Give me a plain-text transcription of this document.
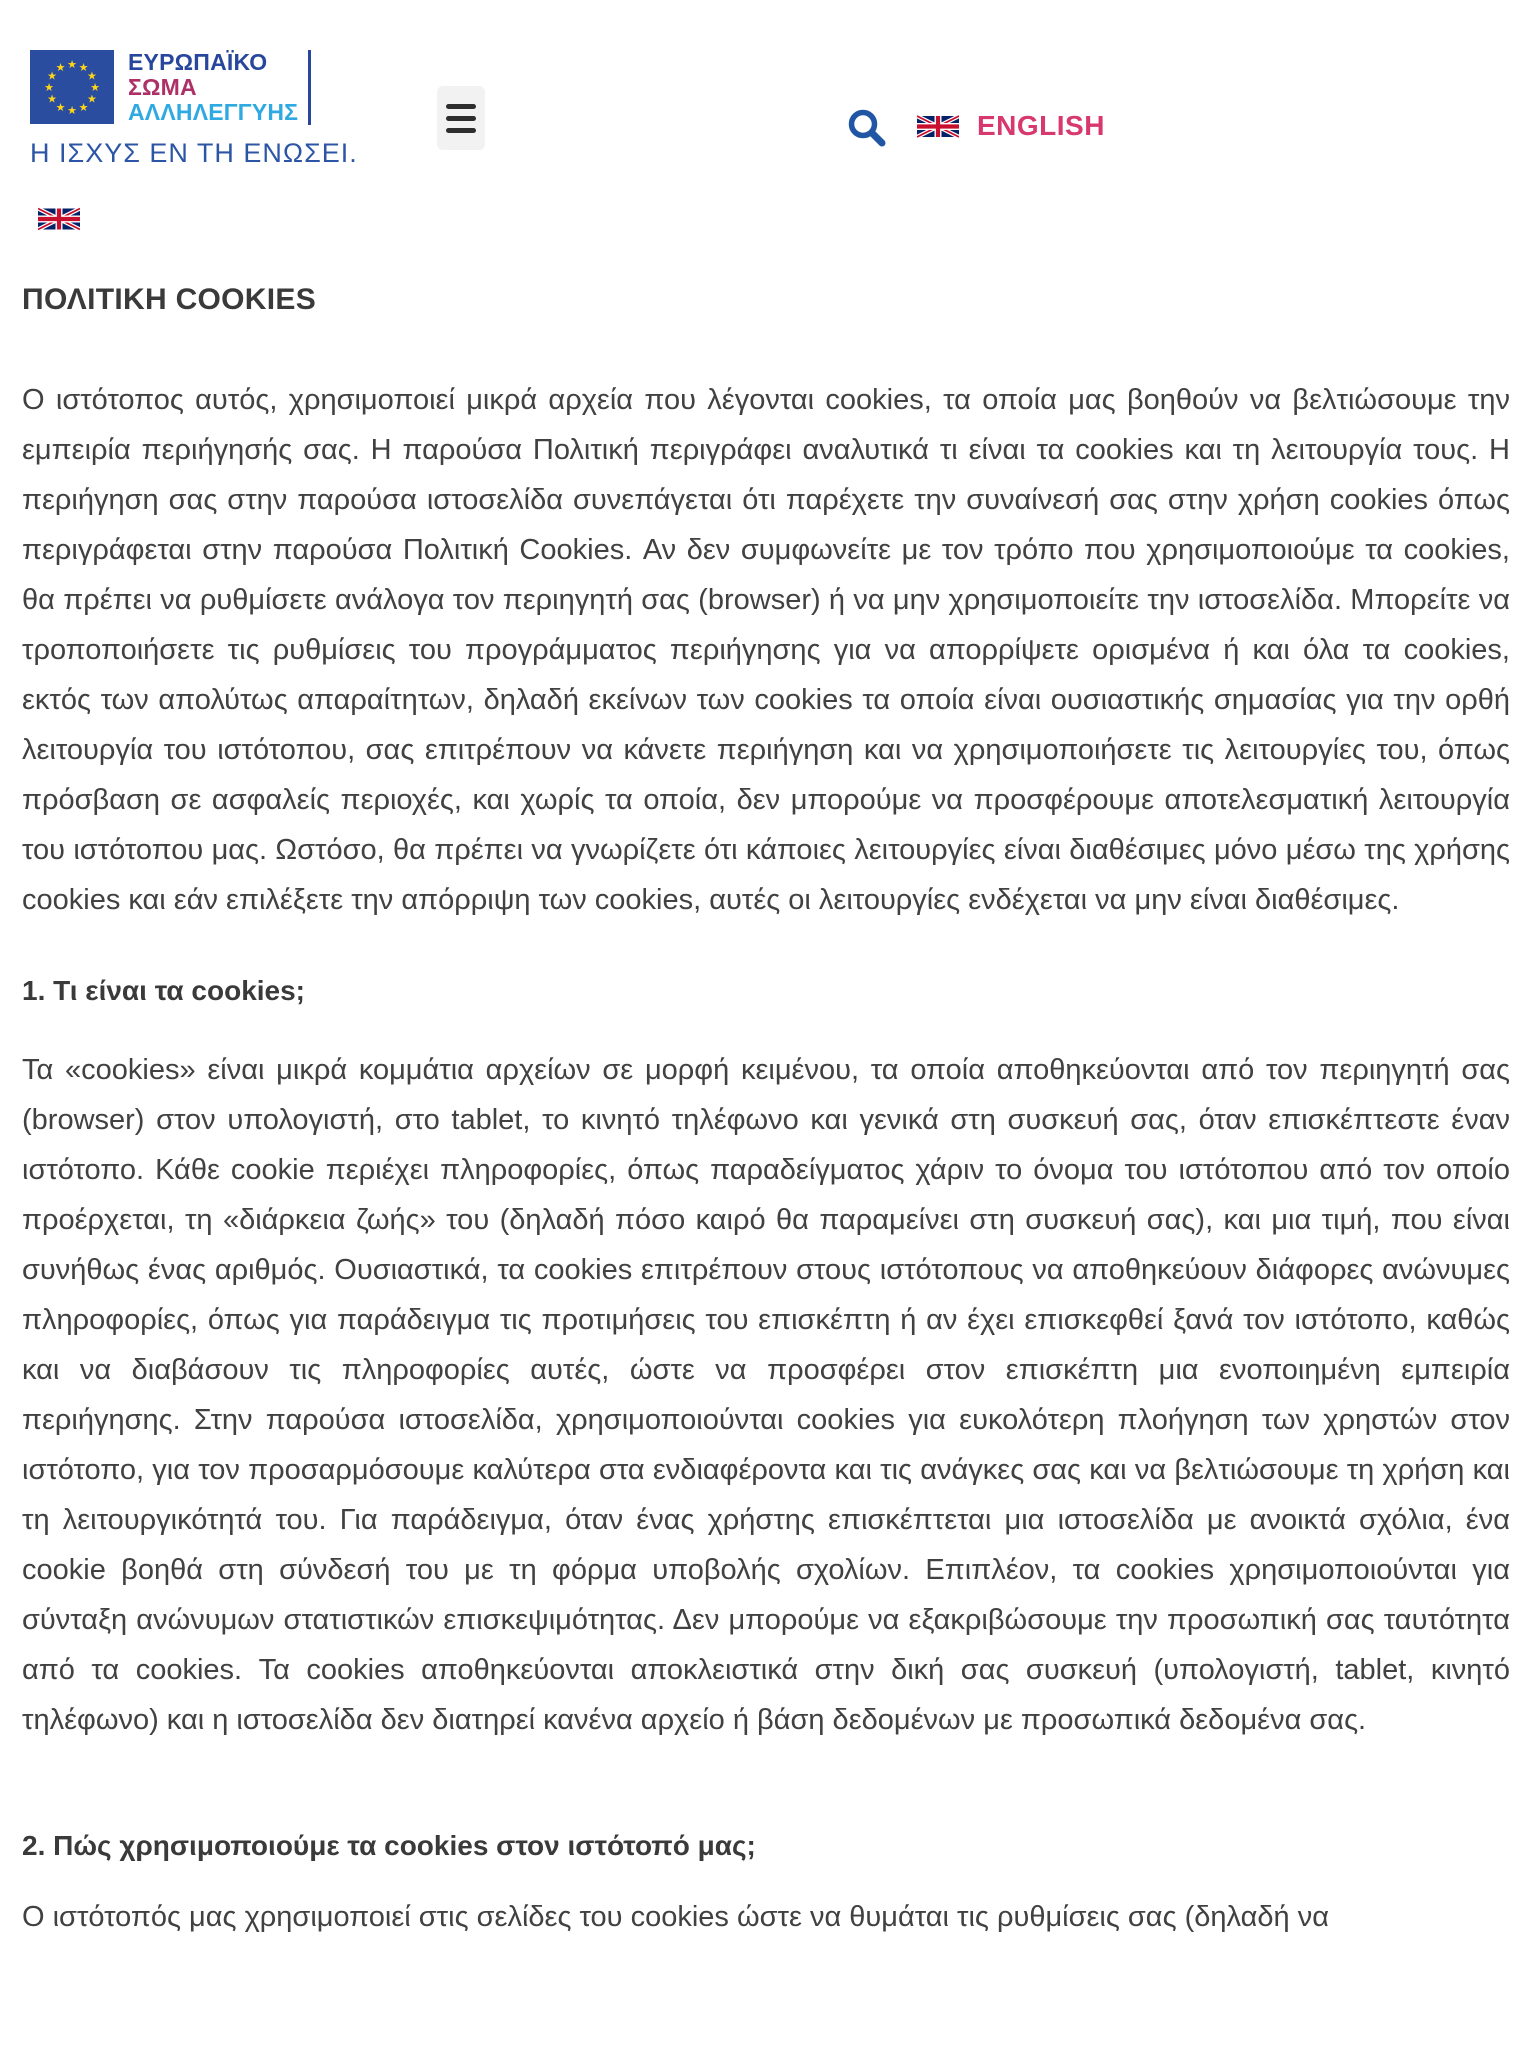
★ ★
★
★
★
★
★
★
★
★
★
★	ΕΥΡΩΠΑΪΚΟ
ΣΩΜΑ
ΑΛΛΗΛΕΓΓΥΗΣ
Η ΙΣΧΥΣ ΕΝ ΤΗ ΕΝΩΣΕΙ.
ENGLISH
ΠΟΛΙΤΙΚΗ COOKIES

Ο ιστότοπος αυτός, χρησιμοποιεί μικρά αρχεία που λέγονται cookies, τα οποία μας βοηθούν να βελτιώσουμε την εμπειρία περιήγησής σας. Η παρούσα Πολιτική περιγράφει αναλυτικά τι είναι τα cookies και τη λειτουργία τους. Η περιήγηση σας στην παρούσα ιστοσελίδα συνεπάγεται ότι παρέχετε την συναίνεσή σας στην χρήση cookies όπως περιγράφεται στην παρούσα Πολιτική Cookies. Αν δεν συμφωνείτε με τον τρόπο που χρησιμοποιούμε τα cookies, θα πρέπει να ρυθμίσετε ανάλογα τον περιηγητή σας (browser) ή να μην χρησιμοποιείτε την ιστοσελίδα. Μπορείτε να τροποποιήσετε τις ρυθμίσεις του προγράμματος περιήγησης για να απορρίψετε ορισμένα ή και όλα τα cookies, εκτός των απολύτως απαραίτητων, δηλαδή εκείνων των cookies τα οποία είναι ουσιαστικής σημασίας για την ορθή λειτουργία του ιστότοπου, σας επιτρέπουν να κάνετε περιήγηση και να χρησιμοποιήσετε τις λειτουργίες του, όπως πρόσβαση σε ασφαλείς περιοχές, και χωρίς τα οποία, δεν μπορούμε να προσφέρουμε αποτελεσματική λειτουργία του ιστότοπου μας. Ωστόσο, θα πρέπει να γνωρίζετε ότι κάποιες λειτουργίες είναι διαθέσιμες μόνο μέσω της χρήσης cookies και εάν επιλέξετε την απόρριψη των cookies, αυτές οι λειτουργίες ενδέχεται να μην είναι διαθέσιμες.

1. Τι είναι τα cookies;

Τα «cookies» είναι μικρά κομμάτια αρχείων σε μορφή κειμένου, τα οποία αποθηκεύονται από τον περιηγητή σας (browser) στον υπολογιστή, στο tablet, το κινητό τηλέφωνο και γενικά στη συσκευή σας, όταν επισκέπτεστε έναν ιστότοπο. Κάθε cookie περιέχει πληροφορίες, όπως παραδείγματος χάριν το όνομα του ιστότοπου από τον οποίο προέρχεται, τη «διάρκεια ζωής» του (δηλαδή πόσο καιρό θα παραμείνει στη συσκευή σας), και μια τιμή, που είναι συνήθως ένας αριθμός. Ουσιαστικά, τα cookies επιτρέπουν στους ιστότοπους να αποθηκεύουν διάφορες ανώνυμες πληροφορίες, όπως για παράδειγμα τις προτιμήσεις του επισκέπτη ή αν έχει επισκεφθεί ξανά τον ιστότοπο, καθώς και να διαβάσουν τις πληροφορίες αυτές, ώστε να προσφέρει στον επισκέπτη μια ενοποιημένη εμπειρία περιήγησης. Στην παρούσα ιστοσελίδα, χρησιμοποιούνται cookies για ευκολότερη πλοήγηση των χρηστών στον ιστότοπο, για τον προσαρμόσουμε καλύτερα στα ενδιαφέροντα και τις ανάγκες σας και να βελτιώσουμε τη χρήση και τη λειτουργικότητά του. Για παράδειγμα, όταν ένας χρήστης επισκέπτεται μια ιστοσελίδα με ανοικτά σχόλια, ένα cookie βοηθά στη σύνδεσή του με τη φόρμα υποβολής σχολίων. Επιπλέον, τα cookies χρησιμοποιούνται για σύνταξη ανώνυμων στατιστικών επισκεψιμότητας. Δεν μπορούμε να εξακριβώσουμε την προσωπική σας ταυτότητα από τα cookies. Τα cookies αποθηκεύονται αποκλειστικά στην δική σας συσκευή (υπολογιστή, tablet, κινητό τηλέφωνο) και η ιστοσελίδα δεν διατηρεί κανένα αρχείο ή βάση δεδομένων με προσωπικά δεδομένα σας.

2. Πώς χρησιμοποιούμε τα cookies στον ιστότοπό μας;

Ο ιστότοπός μας χρησιμοποιεί στις σελίδες του cookies ώστε να θυμάται τις ρυθμίσεις σας (δηλαδή να
